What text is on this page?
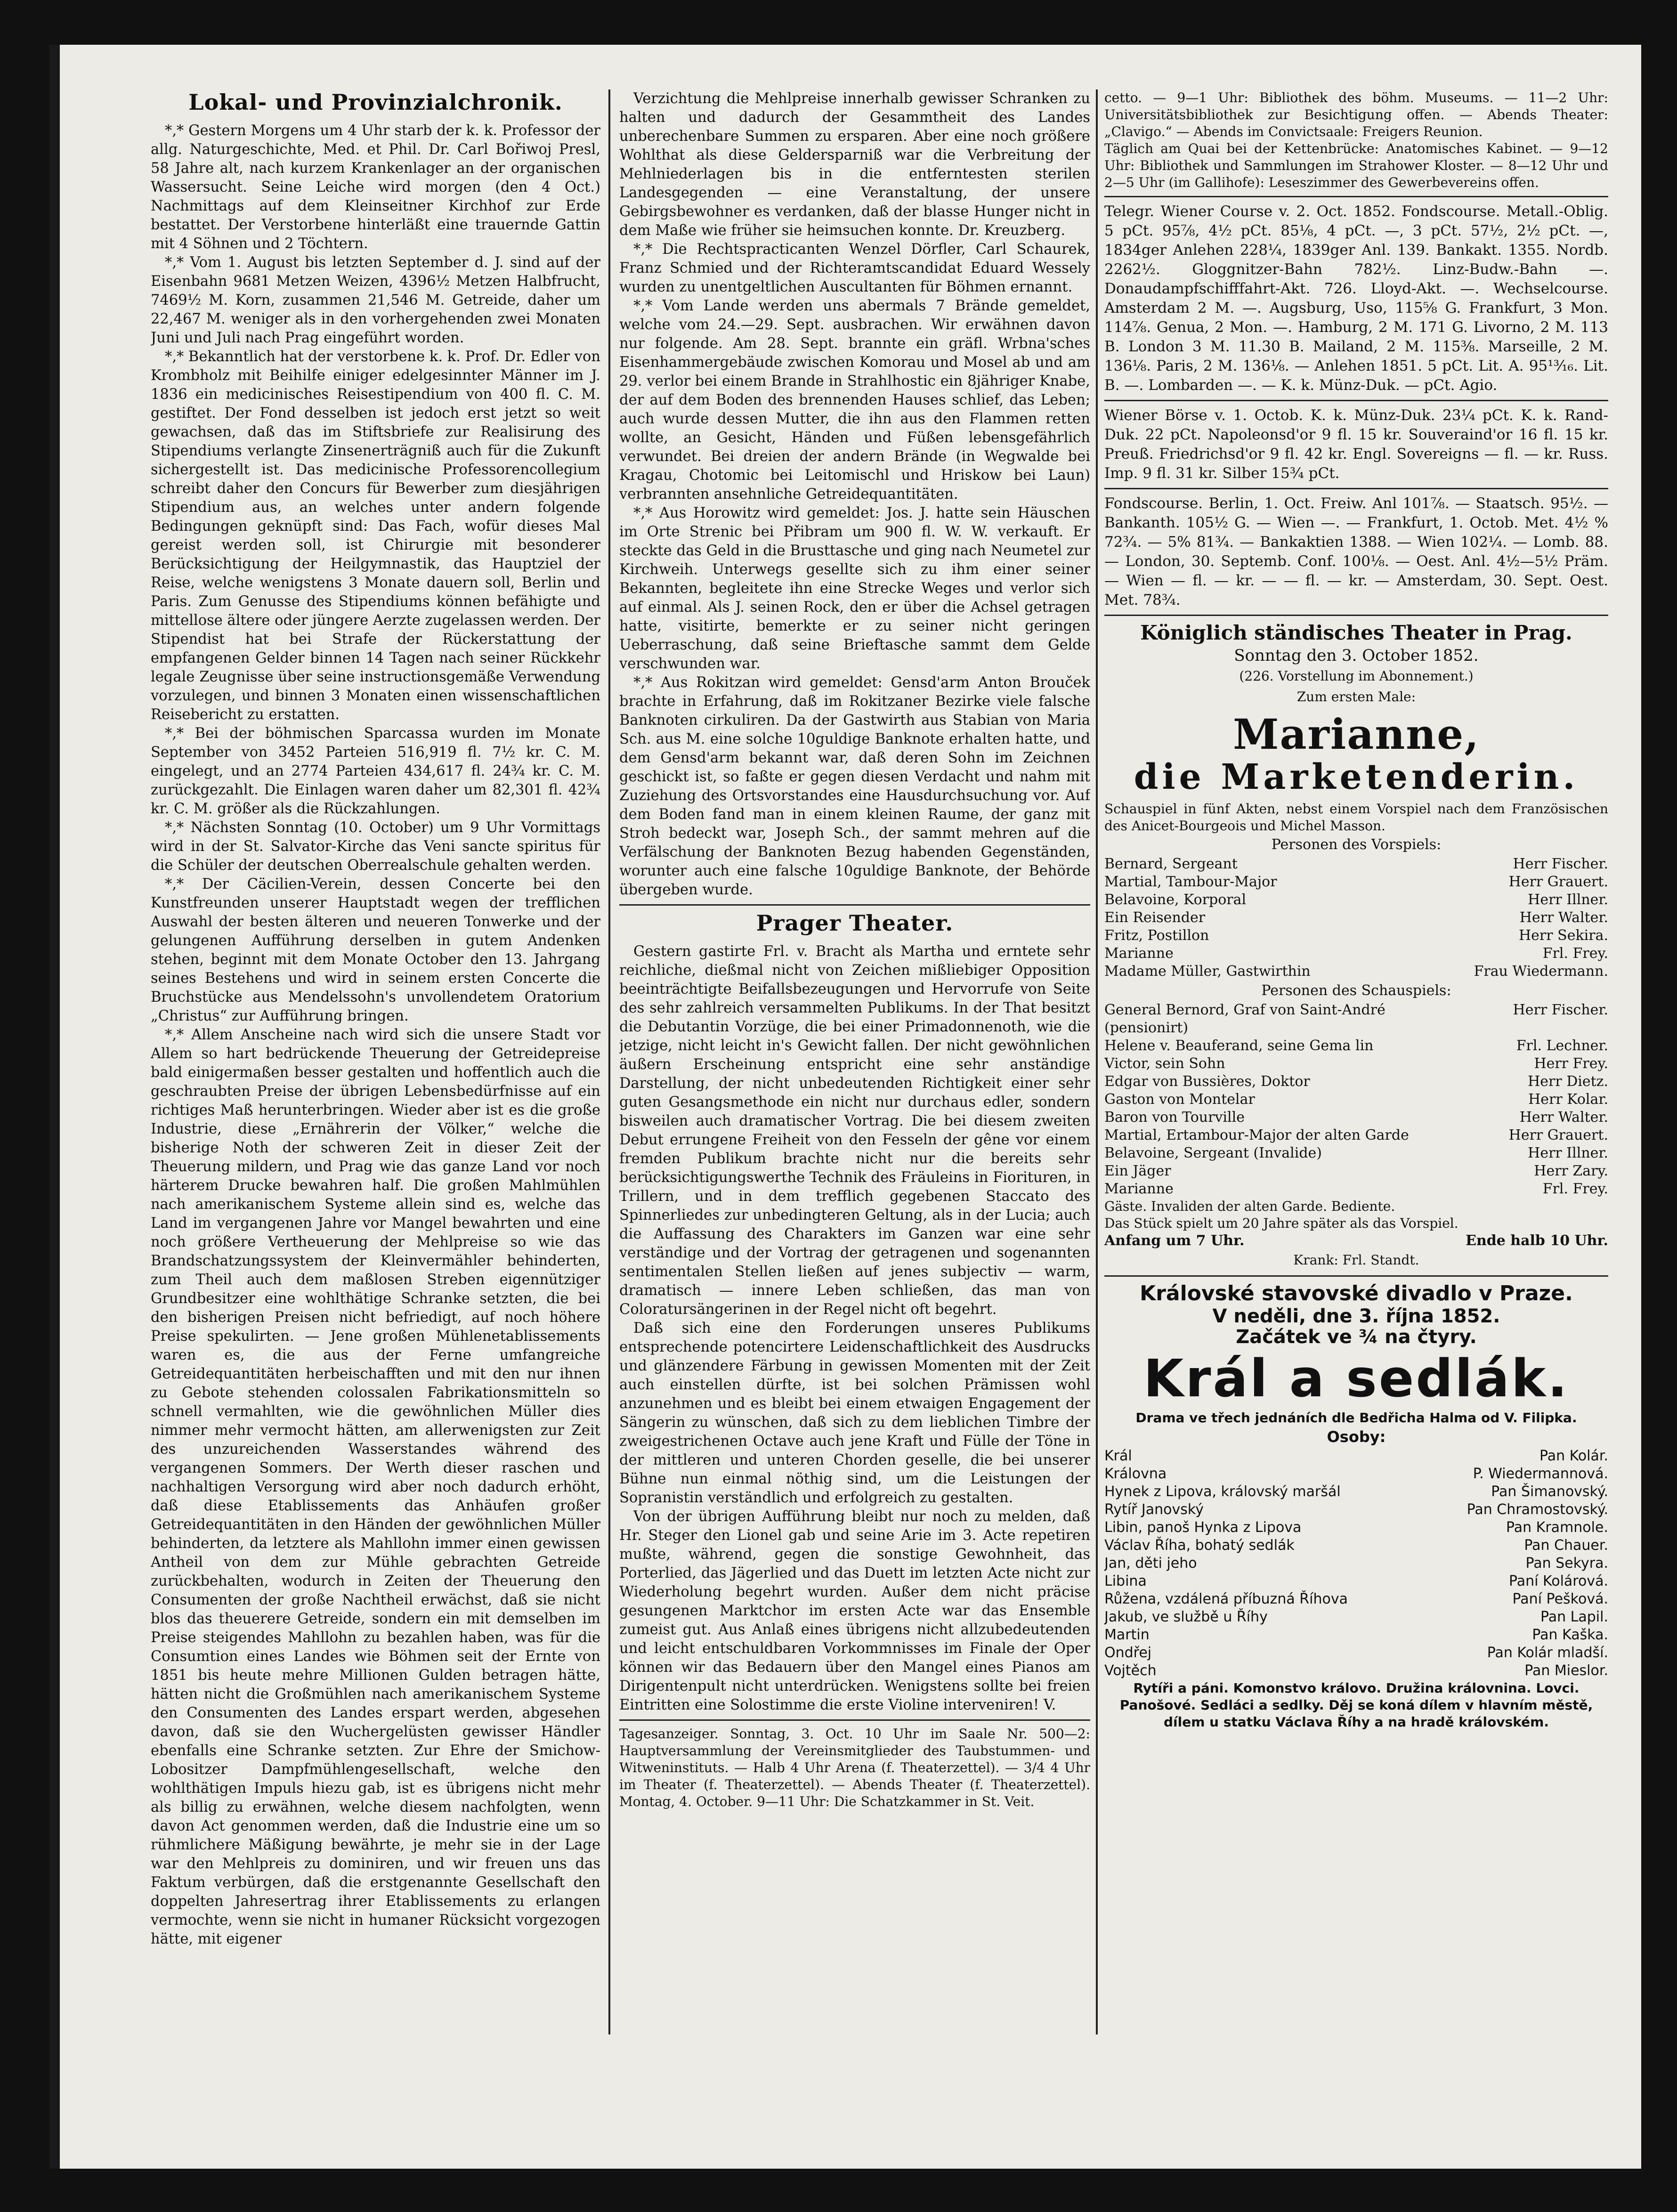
Lokal- und Provinzialchronik.

*‚* Gestern Morgens um 4 Uhr starb der k. k. Professor der allg. Naturgeschichte, Med. et Phil. Dr. Carl Bořiwoj Presl, 58 Jahre alt, nach kurzem Krankenlager an der organischen Wassersucht. Seine Leiche wird morgen (den 4 Oct.) Nachmittags auf dem Kleinseitner Kirchhof zur Erde bestattet. Der Verstorbene hinterläßt eine trauernde Gattin mit 4 Söhnen und 2 Töchtern.

*‚* Vom 1. August bis letzten September d. J. sind auf der Eisenbahn 9681 Metzen Weizen, 4396½ Metzen Halbfrucht, 7469½ M. Korn, zusammen 21,546 M. Getreide, daher um 22,467 M. weniger als in den vorhergehenden zwei Monaten Juni und Juli nach Prag eingeführt worden.

*‚* Bekanntlich hat der verstorbene k. k. Prof. Dr. Edler von Krombholz mit Beihilfe einiger edelgesinnter Männer im J. 1836 ein medicinisches Reisestipendium von 400 fl. C. M. gestiftet. Der Fond desselben ist jedoch erst jetzt so weit gewachsen, daß das im Stiftsbriefe zur Realisirung des Stipendiums verlangte Zinsenerträgniß auch für die Zukunft sichergestellt ist. Das medicinische Professorencollegium schreibt daher den Concurs für Bewerber zum diesjährigen Stipendium aus, an welches unter andern folgende Bedingungen geknüpft sind: Das Fach, wofür dieses Mal gereist werden soll, ist Chirurgie mit besonderer Berücksichtigung der Heilgymnastik, das Hauptziel der Reise, welche wenigstens 3 Monate dauern soll, Berlin und Paris. Zum Genusse des Stipendiums können befähigte und mittellose ältere oder jüngere Aerzte zugelassen werden. Der Stipendist hat bei Strafe der Rückerstattung der empfangenen Gelder binnen 14 Tagen nach seiner Rückkehr legale Zeugnisse über seine instructionsgemäße Verwendung vorzulegen, und binnen 3 Monaten einen wissenschaftlichen Reisebericht zu erstatten.

*‚* Bei der böhmischen Sparcassa wurden im Monate September von 3452 Parteien 516,919 fl. 7½ kr. C. M. eingelegt, und an 2774 Parteien 434,617 fl. 24¾ kr. C. M. zurückgezahlt. Die Einlagen waren daher um 82,301 fl. 42¾ kr. C. M. größer als die Rückzahlungen.

*‚* Nächsten Sonntag (10. October) um 9 Uhr Vormittags wird in der St. Salvator-Kirche das Veni sancte spiritus für die Schüler der deutschen Oberrealschule gehalten werden.

*‚* Der Cäcilien-Verein, dessen Concerte bei den Kunstfreunden unserer Hauptstadt wegen der trefflichen Auswahl der besten älteren und neueren Tonwerke und der gelungenen Aufführung derselben in gutem Andenken stehen, beginnt mit dem Monate October den 13. Jahrgang seines Bestehens und wird in seinem ersten Concerte die Bruchstücke aus Mendelssohn's unvollendetem Oratorium „Christus“ zur Aufführung bringen.

*‚* Allem Anscheine nach wird sich die unsere Stadt vor Allem so hart bedrückende Theuerung der Getreidepreise bald einigermaßen besser gestalten und hoffentlich auch die geschraubten Preise der übrigen Lebensbedürfnisse auf ein richtiges Maß herunterbringen. Wieder aber ist es die große Industrie, diese „Ernährerin der Völker,“ welche die bisherige Noth der schweren Zeit in dieser Zeit der Theuerung mildern, und Prag wie das ganze Land vor noch härterem Drucke bewahren half. Die großen Mahlmühlen nach amerikanischem Systeme allein sind es, welche das Land im vergangenen Jahre vor Mangel bewahrten und eine noch größere Vertheuerung der Mehlpreise so wie das Brandschatzungssystem der Kleinvermähler behinderten, zum Theil auch dem maßlosen Streben eigennütziger Grundbesitzer eine wohlthätige Schranke setzten, die bei den bisherigen Preisen nicht befriedigt, auf noch höhere Preise spekulirten. — Jene großen Mühlenetablissements waren es, die aus der Ferne umfangreiche Getreidequantitäten herbeischafften und mit den nur ihnen zu Gebote stehenden colossalen Fabrikationsmitteln so schnell vermahlten, wie die gewöhnlichen Müller dies nimmer mehr vermocht hätten, am allerwenigsten zur Zeit des unzureichenden Wasserstandes während des vergangenen Sommers. Der Werth dieser raschen und nachhaltigen Versorgung wird aber noch dadurch erhöht, daß diese Etablissements das Anhäufen großer Getreidequantitäten in den Händen der gewöhnlichen Müller behinderten, da letztere als Mahllohn immer einen gewissen Antheil von dem zur Mühle gebrachten Getreide zurückbehalten, wodurch in Zeiten der Theuerung den Consumenten der große Nachtheil erwächst, daß sie nicht blos das theuerere Getreide, sondern ein mit demselben im Preise steigendes Mahllohn zu bezahlen haben, was für die Consumtion eines Landes wie Böhmen seit der Ernte von 1851 bis heute mehre Millionen Gulden betragen hätte, hätten nicht die Großmühlen nach amerikanischem Systeme den Consumenten des Landes erspart werden, abgesehen davon, daß sie den Wuchergelüsten gewisser Händler ebenfalls eine Schranke setzten. Zur Ehre der Smichow-Lobositzer Dampfmühlengesellschaft, welche den wohlthätigen Impuls hiezu gab, ist es übrigens nicht mehr als billig zu erwähnen, welche diesem nachfolgten, wenn davon Act genommen werden, daß die Industrie eine um so rühmlichere Mäßigung bewährte, je mehr sie in der Lage war den Mehlpreis zu dominiren, und wir freuen uns das Faktum verbürgen, daß die erstgenannte Gesellschaft den doppelten Jahresertrag ihrer Etablissements zu erlangen vermochte, wenn sie nicht in humaner Rücksicht vorgezogen hätte, mit eigener

Verzichtung die Mehlpreise innerhalb gewisser Schranken zu halten und dadurch der Gesammtheit des Landes unberechenbare Summen zu ersparen. Aber eine noch größere Wohlthat als diese Geldersparniß war die Verbreitung der Mehlniederlagen bis in die entferntesten sterilen Landesgegenden — eine Veranstaltung, der unsere Gebirgsbewohner es verdanken, daß der blasse Hunger nicht in dem Maße wie früher sie heimsuchen konnte. Dr. Kreuzberg.

*‚* Die Rechtspracticanten Wenzel Dörfler, Carl Schaurek, Franz Schmied und der Richteramtscandidat Eduard Wessely wurden zu unentgeltlichen Auscultanten für Böhmen ernannt.

*‚* Vom Lande werden uns abermals 7 Brände gemeldet, welche vom 24.—29. Sept. ausbrachen. Wir erwähnen davon nur folgende. Am 28. Sept. brannte ein gräfl. Wrbna'sches Eisenhammergebäude zwischen Komorau und Mosel ab und am 29. verlor bei einem Brande in Strahlhostic ein 8jähriger Knabe, der auf dem Boden des brennenden Hauses schlief, das Leben; auch wurde dessen Mutter, die ihn aus den Flammen retten wollte, an Gesicht, Händen und Füßen lebensgefährlich verwundet. Bei dreien der andern Brände (in Wegwalde bei Kragau, Chotomic bei Leitomischl und Hriskow bei Laun) verbrannten ansehnliche Getreidequantitäten.

*‚* Aus Horowitz wird gemeldet: Jos. J. hatte sein Häuschen im Orte Strenic bei Přibram um 900 fl. W. W. verkauft. Er steckte das Geld in die Brusttasche und ging nach Neumetel zur Kirchweih. Unterwegs gesellte sich zu ihm einer seiner Bekannten, begleitete ihn eine Strecke Weges und verlor sich auf einmal. Als J. seinen Rock, den er über die Achsel getragen hatte, visitirte, bemerkte er zu seiner nicht geringen Ueberraschung, daß seine Brieftasche sammt dem Gelde verschwunden war.

*‚* Aus Rokitzan wird gemeldet: Gensd'arm Anton Brouček brachte in Erfahrung, daß im Rokitzaner Bezirke viele falsche Banknoten cirkuliren. Da der Gastwirth aus Stabian von Maria Sch. aus M. eine solche 10guldige Banknote erhalten hatte, und dem Gensd'arm bekannt war, daß deren Sohn im Zeichnen geschickt ist, so faßte er gegen diesen Verdacht und nahm mit Zuziehung des Ortsvorstandes eine Hausdurchsuchung vor. Auf dem Boden fand man in einem kleinen Raume, der ganz mit Stroh bedeckt war, Joseph Sch., der sammt mehren auf die Verfälschung der Banknoten Bezug habenden Gegenständen, worunter auch eine falsche 10guldige Banknote, der Behörde übergeben wurde.

Prager Theater.

Gestern gastirte Frl. v. Bracht als Martha und erntete sehr reichliche, dießmal nicht von Zeichen mißliebiger Opposition beeinträchtigte Beifallsbezeugungen und Hervorrufe von Seite des sehr zahlreich versammelten Publikums. In der That besitzt die Debutantin Vorzüge, die bei einer Primadonnenoth, wie die jetzige, nicht leicht in's Gewicht fallen. Der nicht gewöhnlichen äußern Erscheinung entspricht eine sehr anständige Darstellung, der nicht unbedeutenden Richtigkeit einer sehr guten Gesangsmethode ein nicht nur durchaus edler, sondern bisweilen auch dramatischer Vortrag. Die bei diesem zweiten Debut errungene Freiheit von den Fesseln der gêne vor einem fremden Publikum brachte nicht nur die bereits sehr berücksichtigungswerthe Technik des Fräuleins in Fiorituren, in Trillern, und in dem trefflich gegebenen Staccato des Spinnerliedes zur unbedingteren Geltung, als in der Lucia; auch die Auffassung des Charakters im Ganzen war eine sehr verständige und der Vortrag der getragenen und sogenannten sentimentalen Stellen ließen auf jenes subjectiv — warm, dramatisch — innere Leben schließen, das man von Coloratursängerinen in der Regel nicht oft begehrt.

Daß sich eine den Forderungen unseres Publikums entsprechende potencirtere Leidenschaftlichkeit des Ausdrucks und glänzendere Färbung in gewissen Momenten mit der Zeit auch einstellen dürfte, ist bei solchen Prämissen wohl anzunehmen und es bleibt bei einem etwaigen Engagement der Sängerin zu wünschen, daß sich zu dem lieblichen Timbre der zweigestrichenen Octave auch jene Kraft und Fülle der Töne in der mittleren und unteren Chorden geselle, die bei unserer Bühne nun einmal nöthig sind, um die Leistungen der Sopranistin verständlich und erfolgreich zu gestalten.

Von der übrigen Aufführung bleibt nur noch zu melden, daß Hr. Steger den Lionel gab und seine Arie im 3. Acte repetiren mußte, während, gegen die sonstige Gewohnheit, das Porterlied, das Jägerlied und das Duett im letzten Acte nicht zur Wiederholung begehrt wurden. Außer dem nicht präcise gesungenen Marktchor im ersten Acte war das Ensemble zumeist gut. Aus Anlaß eines übrigens nicht allzubedeutenden und leicht entschuldbaren Vorkommnisses im Finale der Oper können wir das Bedauern über den Mangel eines Pianos am Dirigentenpult nicht unterdrücken. Wenigstens sollte bei freien Eintritten eine Solostimme die erste Violine interveniren! V.

Tagesanzeiger. Sonntag, 3. Oct. 10 Uhr im Saale Nr. 500—2: Hauptversammlung der Vereinsmitglieder des Taubstummen- und Witweninstituts. — Halb 4 Uhr Arena (f. Theaterzettel). — 3/4 4 Uhr im Theater (f. Theaterzettel). — Abends Theater (f. Theaterzettel). Montag, 4. October. 9—11 Uhr: Die Schatzkammer in St. Veit.

cetto. — 9—1 Uhr: Bibliothek des böhm. Museums. — 11—2 Uhr: Universitätsbibliothek zur Besichtigung offen. — Abends Theater: „Clavigo.“ — Abends im Convictsaale: Freigers Reunion.

Täglich am Quai bei der Kettenbrücke: Anatomisches Kabinet. — 9—12 Uhr: Bibliothek und Sammlungen im Strahower Kloster. — 8—12 Uhr und 2—5 Uhr (im Gallihofe): Leseszimmer des Gewerbevereins offen.

Telegr. Wiener Course v. 2. Oct. 1852. Fondscourse. Metall.-Oblig. 5 pCt. 95⅞, 4½ pCt. 85⅛, 4 pCt. —, 3 pCt. 57½, 2½ pCt. —, 1834ger Anlehen 228¼, 1839ger Anl. 139. Bankakt. 1355. Nordb. 2262½. Gloggnitzer-Bahn 782½. Linz-Budw.-Bahn —. Donaudampfschifffahrt-Akt. 726. Lloyd-Akt. —. Wechselcourse. Amsterdam 2 M. —. Augsburg, Uso, 115⅝ G. Frankfurt, 3 Mon. 114⅞. Genua, 2 Mon. —. Hamburg, 2 M. 171 G. Livorno, 2 M. 113 B. London 3 M. 11.30 B. Mailand, 2 M. 115⅜. Marseille, 2 M. 136⅛. Paris, 2 M. 136⅛. — Anlehen 1851. 5 pCt. Lit. A. 95¹³⁄₁₆. Lit. B. —. Lombarden —. — K. k. Münz-Duk. — pCt. Agio.

Wiener Börse v. 1. Octob. K. k. Münz-Duk. 23¼ pCt. K. k. Rand-Duk. 22 pCt. Napoleonsd'or 9 fl. 15 kr. Souveraind'or 16 fl. 15 kr. Preuß. Friedrichsd'or 9 fl. 42 kr. Engl. Sovereigns — fl. — kr. Russ. Imp. 9 fl. 31 kr. Silber 15¾ pCt.

Fondscourse. Berlin, 1. Oct. Freiw. Anl 101⅞. — Staatsch. 95½. — Bankanth. 105½ G. — Wien —. — Frankfurt, 1. Octob. Met. 4½ % 72¾. — 5% 81¾. — Bankaktien 1388. — Wien 102¼. — Lomb. 88. — London, 30. Septemb. Conf. 100⅛. — Oest. Anl. 4½—5½ Präm. — Wien — fl. — kr. — — fl. — kr. — Amsterdam, 30. Sept. Oest. Met. 78¾.

Königlich ständisches Theater in Prag.
Sonntag den 3. October 1852.
(226. Vorstellung im Abonnement.)
Zum ersten Male:
Marianne,
die Marketenderin.

Schauspiel in fünf Akten, nebst einem Vorspiel nach dem Französischen des Anicet-Bourgeois und Michel Masson.

Personen des Vorspiels:
Bernard, Sergeant	Herr Fischer.
Martial, Tambour-Major	Herr Grauert.
Belavoine, Korporal	Herr Illner.
Ein Reisender	Herr Walter.
Fritz, Postillon	Herr Sekira.
Marianne	Frl. Frey.
Madame Müller, Gastwirthin	Frau Wiedermann.
Personen des Schauspiels:
General Bernord, Graf von Saint-André (pensionirt)
Herr Fischer.
Helene v. Beauferand, seine Gema lin	Frl. Lechner.
Victor, sein Sohn	Herr Frey.
Edgar von Bussières, Doktor	Herr Dietz.
Gaston von Montelar	Herr Kolar.
Baron von Tourville	Herr Walter.
Martial, Ertambour-Major der alten Garde	Herr Grauert.
Belavoine, Sergeant (Invalide)	Herr Illner.
Ein Jäger	Herr Zary.
Marianne	Frl. Frey.

Gäste. Invaliden der alten Garde. Bediente.

Das Stück spielt um 20 Jahre später als das Vorspiel.

Anfang um 7 Uhr.	Ende halb 10 Uhr.
Krank: Frl. Standt.
Královské stavovské divadlo v Praze.
V neděli, dne 3. října 1852.
Začátek ve ¾ na čtyry.
Král a sedlák.

Drama ve třech jednáních dle Bedřicha Halma od V. Filipka.

Osoby:
Král	Pan Kolár.
Královna	P. Wiedermannová.
Hynek z Lipova, královský maršál	Pan Šimanovský.
Rytíř Janovský	Pan Chramostovský.
Libin, panoš Hynka z Lipova	Pan Kramnole.
Václav Říha, bohatý sedlák	Pan Chauer.
Jan, děti jeho	Pan Sekyra.
Libina	Paní Kolárová.
Růžena, vzdálená příbuzná Říhova	Paní Pešková.
Jakub, ve službě u Říhy	Pan Lapil.
Martin	Pan Kaška.
Ondřej	Pan Kolár mladší.
Vojtěch	Pan Mieslor.

Rytíři a páni. Komonstvo královo. Družina královnina. Lovci. Panošové. Sedláci a sedlky. Děj se koná dílem v hlavním městě, dílem u statku Václava Říhy a na hradě královském.
